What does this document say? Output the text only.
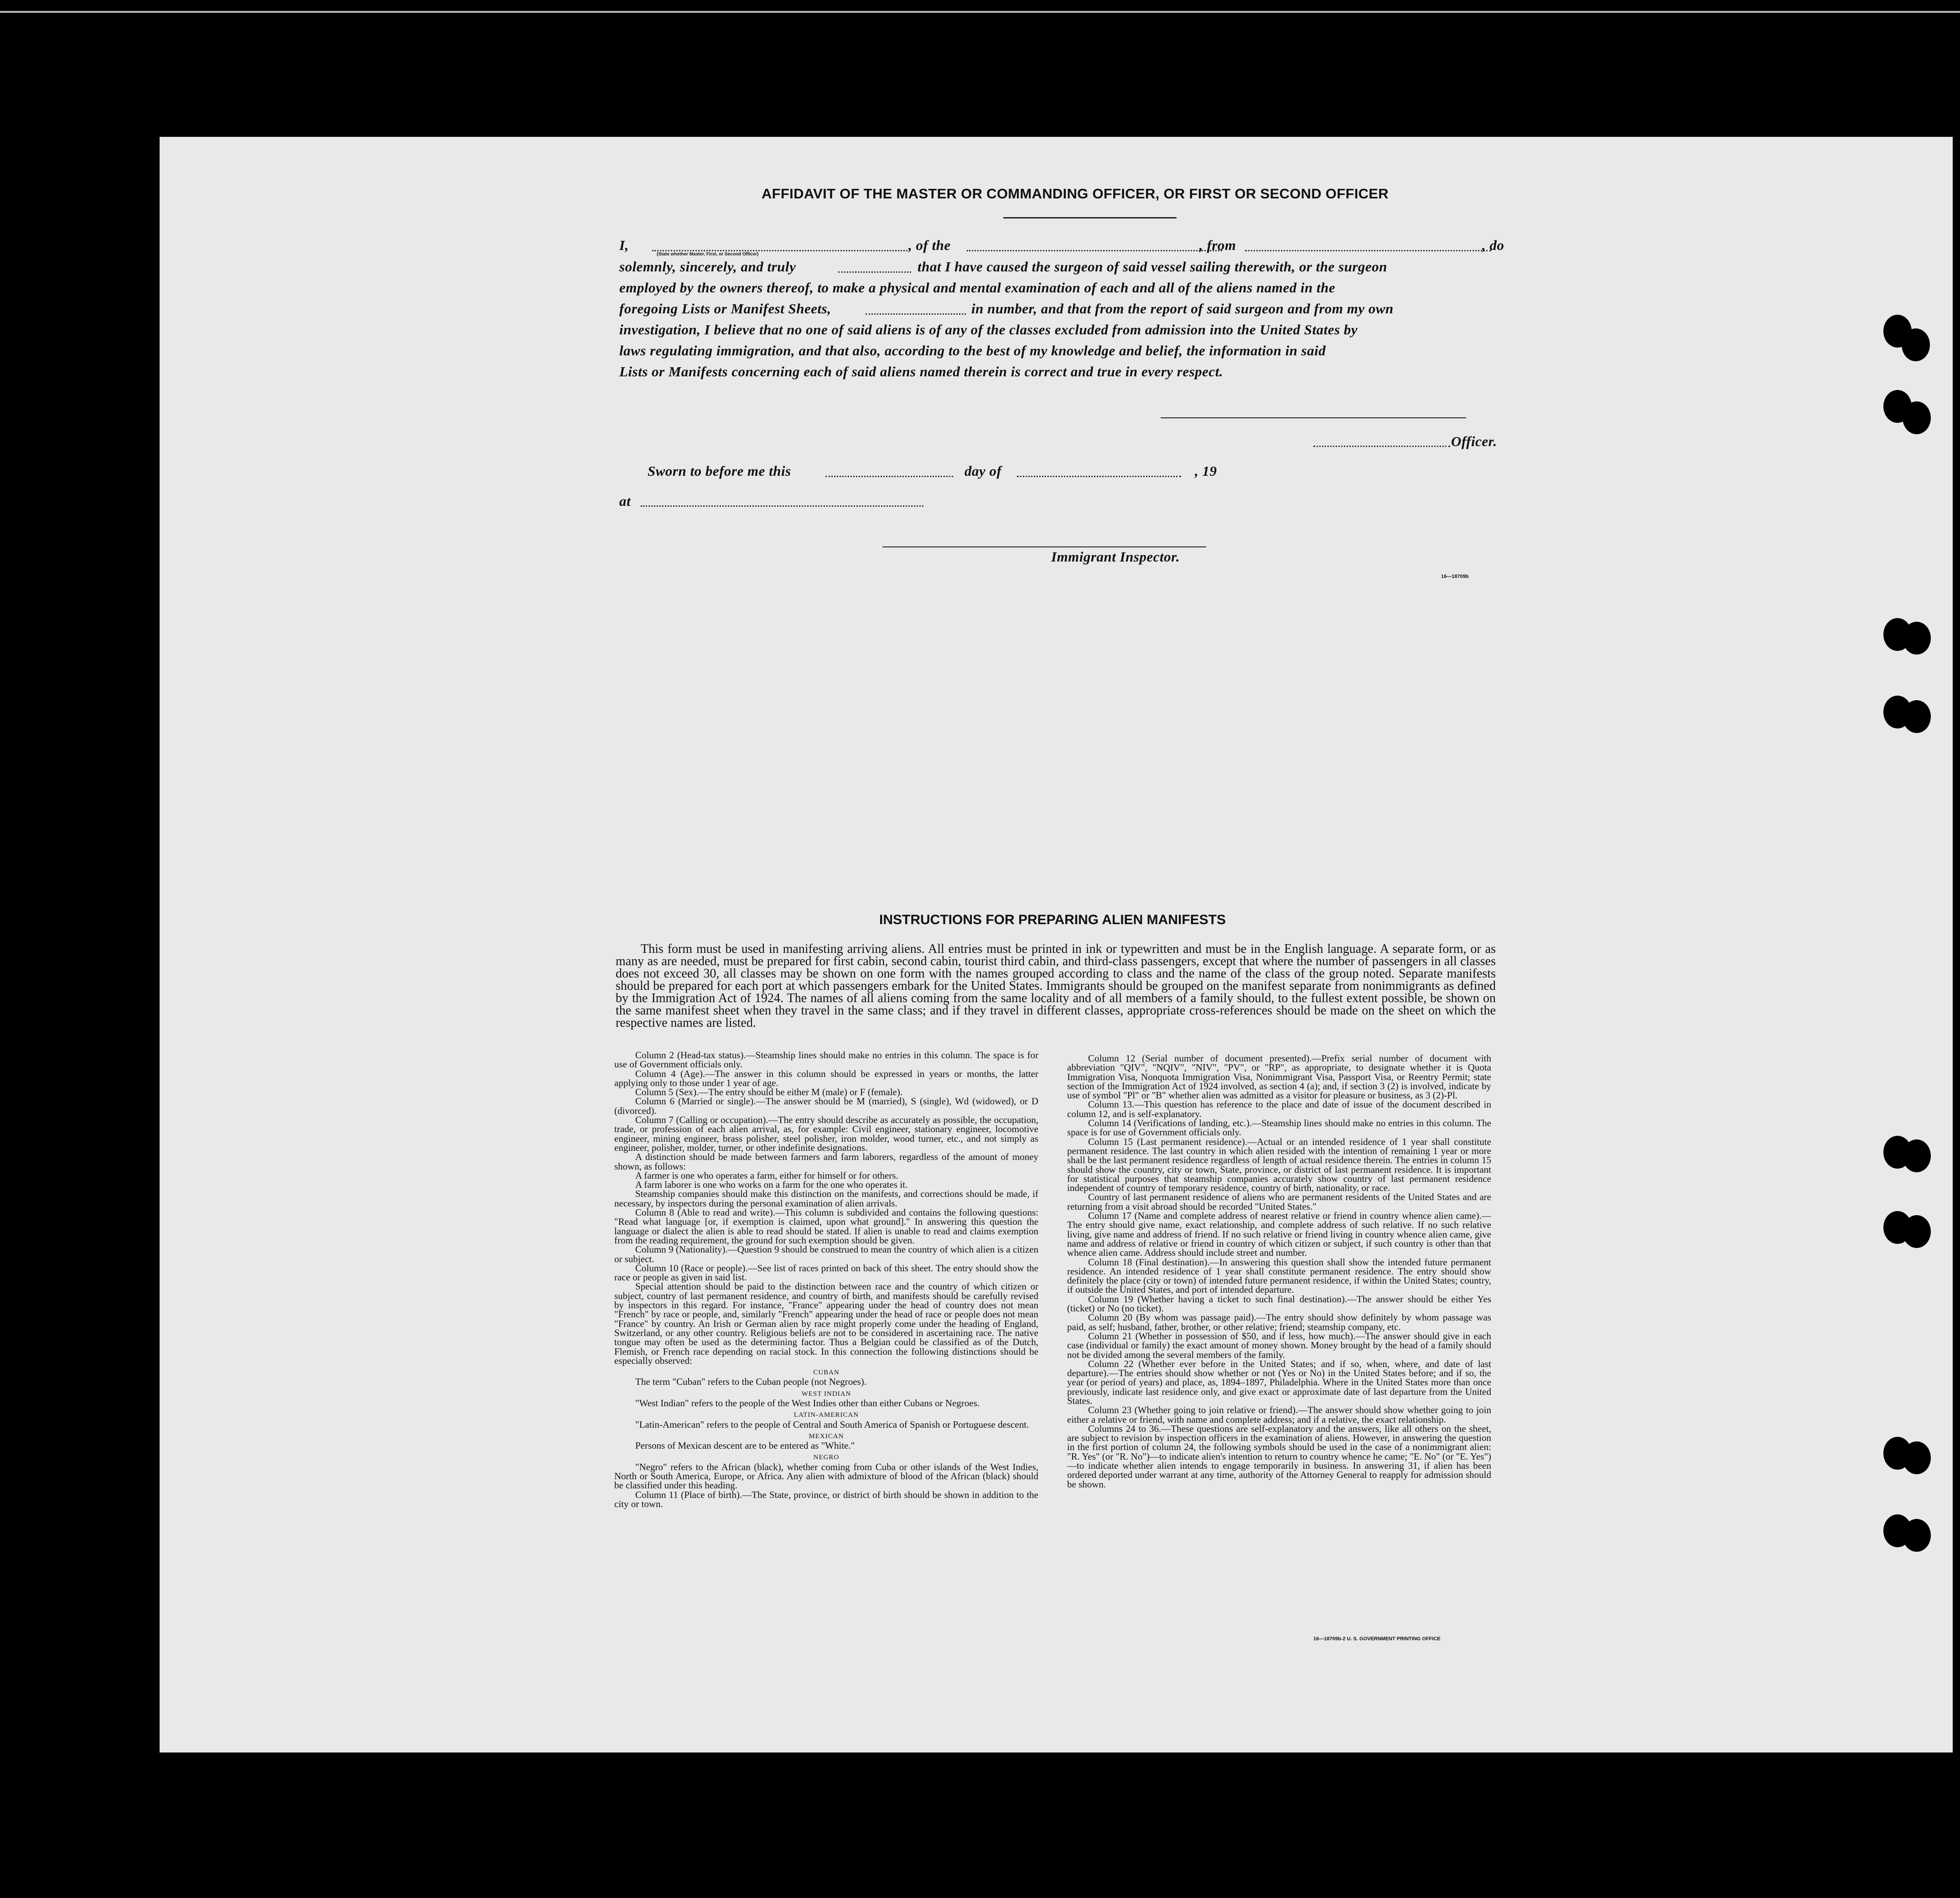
AFFIDAVIT OF THE MASTER OR COMMANDING OFFICER, OR FIRST OR SECOND OFFICER
I,
(State whether Master, First, or Second Officer)
, of the	, from	, do
solemnly, sincerely, and truly	that I have caused the surgeon of said vessel sailing therewith, or the surgeon
employed by the owners thereof, to make a physical and mental examination of each and all of the aliens named in the
foregoing Lists or Manifest Sheets,	in number, and that from the report of said surgeon and from my own
investigation, I believe that no one of said aliens is of any of the classes excluded from admission into the United States by
laws regulating immigration, and that also, according to the best of my knowledge and belief, the information in said
Lists or Manifests concerning each of said aliens named therein is correct and true in every respect.
Officer.
Sworn to before me this	day of	, 19
at
Immigrant Inspector.
16—18709b
INSTRUCTIONS FOR PREPARING ALIEN MANIFESTS
This form must be used in manifesting arriving aliens. All entries must be printed in ink or typewritten and must be in the English language. A separate form, or as many as are needed, must be prepared for first cabin, second cabin, tourist third cabin, and third-class passengers, except that where the number of passengers in all classes does not exceed 30, all classes may be shown on one form with the names grouped according to class and the name of the class of the group noted. Separate manifests should be prepared for each port at which passengers embark for the United States. Immigrants should be grouped on the manifest separate from nonimmigrants as defined by the Immigration Act of 1924. The names of all aliens coming from the same locality and of all members of a family should, to the fullest extent possible, be shown on the same manifest sheet when they travel in the same class; and if they travel in different classes, appropriate cross-references should be made on the sheet on which the respective names are listed.

Column 2 (Head-tax status).—Steamship lines should make no entries in this column. The space is for use of Government officials only.

Column 4 (Age).—The answer in this column should be expressed in years or months, the latter applying only to those under 1 year of age.

Column 5 (Sex).—The entry should be either M (male) or F (female).

Column 6 (Married or single).—The answer should be M (married), S (single), Wd (widowed), or D (divorced).

Column 7 (Calling or occupation).—The entry should describe as accurately as possible, the occupation, trade, or profession of each alien arrival, as, for example: Civil engineer, stationary engineer, locomotive engineer, mining engineer, brass polisher, steel polisher, iron molder, wood turner, etc., and not simply as engineer, polisher, molder, turner, or other indefinite designations.

A distinction should be made between farmers and farm laborers, regardless of the amount of money shown, as follows:

A farmer is one who operates a farm, either for himself or for others.

A farm laborer is one who works on a farm for the one who operates it.

Steamship companies should make this distinction on the manifests, and corrections should be made, if necessary, by inspectors during the personal examination of alien arrivals.

Column 8 (Able to read and write).—This column is subdivided and contains the following questions: "Read what language [or, if exemption is claimed, upon what ground]." In answering this question the language or dialect the alien is able to read should be stated. If alien is unable to read and claims exemption from the reading requirement, the ground for such exemption should be given.

Column 9 (Nationality).—Question 9 should be construed to mean the country of which alien is a citizen or subject.

Column 10 (Race or people).—See list of races printed on back of this sheet. The entry should show the race or people as given in said list.

Special attention should be paid to the distinction between race and the country of which citizen or subject, country of last permanent residence, and country of birth, and manifests should be carefully revised by inspectors in this regard. For instance, "France" appearing under the head of country does not mean "French" by race or people, and, similarly "French" appearing under the head of race or people does not mean "France" by country. An Irish or German alien by race might properly come under the heading of England, Switzerland, or any other country. Religious beliefs are not to be considered in ascertaining race. The native tongue may often be used as the determining factor. Thus a Belgian could be classified as of the Dutch, Flemish, or French race depending on racial stock. In this connection the following distinctions should be especially observed:

CUBAN

The term "Cuban" refers to the Cuban people (not Negroes).

WEST INDIAN

"West Indian" refers to the people of the West Indies other than either Cubans or Negroes.

LATIN-AMERICAN

"Latin-American" refers to the people of Central and South America of Spanish or Portuguese descent.

MEXICAN

Persons of Mexican descent are to be entered as "White."

NEGRO

"Negro" refers to the African (black), whether coming from Cuba or other islands of the West Indies, North or South America, Europe, or Africa. Any alien with admixture of blood of the African (black) should be classified under this heading.

Column 11 (Place of birth).—The State, province, or district of birth should be shown in addition to the city or town.

Column 12 (Serial number of document presented).—Prefix serial number of document with abbreviation "QIV", "NQIV", "NIV", "PV", or "RP", as appropriate, to designate whether it is Quota Immigration Visa, Nonquota Immigration Visa, Nonimmigrant Visa, Passport Visa, or Reentry Permit; state section of the Immigration Act of 1924 involved, as section 4 (a); and, if section 3 (2) is involved, indicate by use of symbol "Pl" or "B" whether alien was admitted as a visitor for pleasure or business, as 3 (2)-Pl.

Column 13.—This question has reference to the place and date of issue of the document described in column 12, and is self-explanatory.

Column 14 (Verifications of landing, etc.).—Steamship lines should make no entries in this column. The space is for use of Government officials only.

Column 15 (Last permanent residence).—Actual or an intended residence of 1 year shall constitute permanent residence. The last country in which alien resided with the intention of remaining 1 year or more shall be the last permanent residence regardless of length of actual residence therein. The entries in column 15 should show the country, city or town, State, province, or district of last permanent residence. It is important for statistical purposes that steamship companies accurately show country of last permanent residence independent of country of temporary residence, country of birth, nationality, or race.

Country of last permanent residence of aliens who are permanent residents of the United States and are returning from a visit abroad should be recorded "United States."

Column 17 (Name and complete address of nearest relative or friend in country whence alien came).—The entry should give name, exact relationship, and complete address of such relative. If no such relative living, give name and address of friend. If no such relative or friend living in country whence alien came, give name and address of relative or friend in country of which citizen or subject, if such country is other than that whence alien came. Address should include street and number.

Column 18 (Final destination).—In answering this question shall show the intended future permanent residence. An intended residence of 1 year shall constitute permanent residence. The entry should show definitely the place (city or town) of intended future permanent residence, if within the United States; country, if outside the United States, and port of intended departure.

Column 19 (Whether having a ticket to such final destination).—The answer should be either Yes (ticket) or No (no ticket).

Column 20 (By whom was passage paid).—The entry should show definitely by whom passage was paid, as self; husband, father, brother, or other relative; friend; steamship company, etc.

Column 21 (Whether in possession of $50, and if less, how much).—The answer should give in each case (individual or family) the exact amount of money shown. Money brought by the head of a family should not be divided among the several members of the family.

Column 22 (Whether ever before in the United States; and if so, when, where, and date of last departure).—The entries should show whether or not (Yes or No) in the United States before; and if so, the year (or period of years) and place, as, 1894–1897, Philadelphia. Where in the United States more than once previously, indicate last residence only, and give exact or approximate date of last departure from the United States.

Column 23 (Whether going to join relative or friend).—The answer should show whether going to join either a relative or friend, with name and complete address; and if a relative, the exact relationship.

Columns 24 to 36.—These questions are self-explanatory and the answers, like all others on the sheet, are subject to revision by inspection officers in the examination of aliens. However, in answering the question in the first portion of column 24, the following symbols should be used in the case of a nonimmigrant alien: "R. Yes" (or "R. No")—to indicate alien's intention to return to country whence he came; "E. No" (or "E. Yes")—to indicate whether alien intends to engage temporarily in business. In answering 31, if alien has been ordered deported under warrant at any time, authority of the Attorney General to reapply for admission should be shown.

16—18709b-2 U. S. GOVERNMENT PRINTING OFFICE
